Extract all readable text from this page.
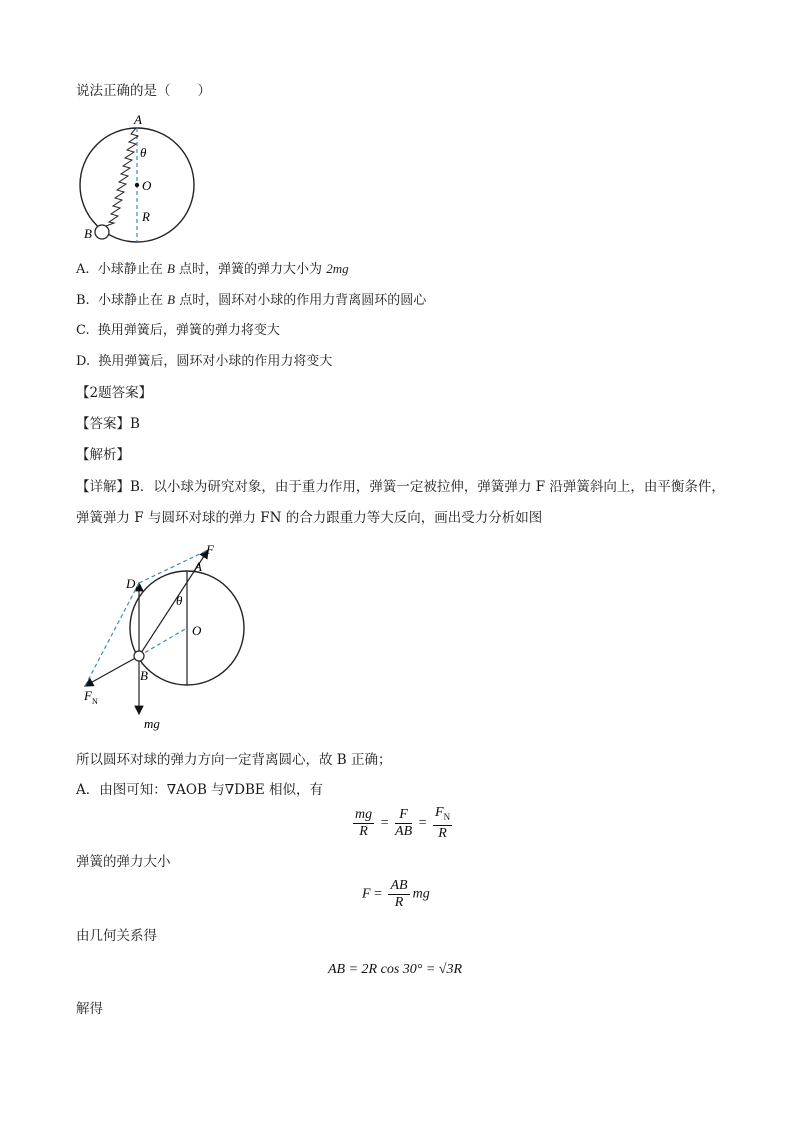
说法正确的是（　　）
A
θ
O
R
B
A. 小球静止在 B 点时，弹簧的弹力大小为 2mg
B. 小球静止在 B 点时，圆环对小球的作用力背离圆环的圆心
C. 换用弹簧后，弹簧的弹力将变大
D. 换用弹簧后，圆环对小球的作用力将变大
【2题答案】
【答案】B
【解析】
【详解】B．以小球为研究对象，由于重力作用，弹簧一定被拉伸，弹簧弹力 F 沿弹簧斜向上，由平衡条件，
弹簧弹力 F 与圆环对球的弹力 FN 的合力跟重力等大反向，画出受力分析如图
F
A
D
θ
O
B
F N
mg
所以圆环对球的弹力方向一定背离圆心，故 B 正确；
A．由图可知：∇AOB 与∇DBE 相似，有
$\frac{mg}{R} = \frac{F}{AB} = \frac{F_N}{R}$
弹簧的弹力大小
$F = \frac{AB}{R}$ mg
由几何关系得
AB = 2R cos 30° = √3R
解得
